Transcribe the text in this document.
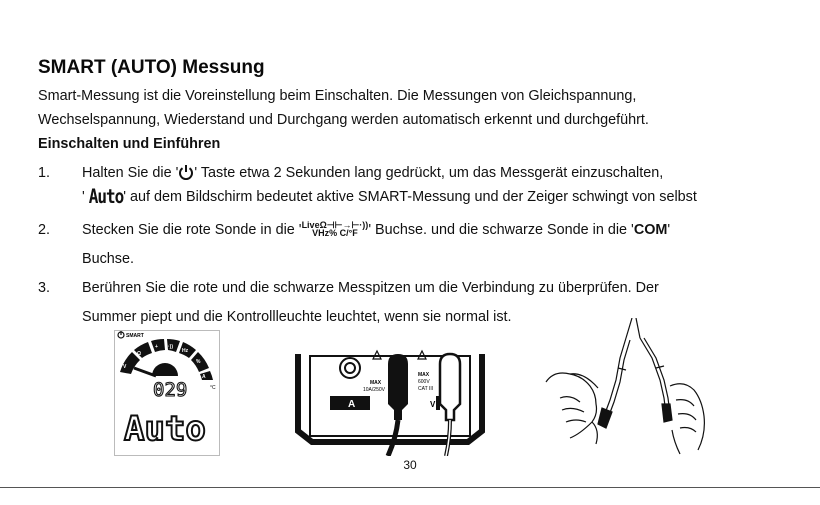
SMART (AUTO) Messung
Smart-Messung ist die Voreinstellung beim Einschalten. Die Messungen von Gleichspannung,
Wechselspannung, Wiederstand und Durchgang werden automatisch erkennt und durchgeführt.
Einschalten und Einführen
1. Halten Sie die ' ' Taste etwa 2 Sekunden lang gedrückt, um das Messgerät einzuschalten,
' Auto' auf dem Bildschirm bedeutet aktive SMART-Messung und der Zeiger schwingt von selbst
2. Stecken Sie die rote Sonde in die ' LiveΩ⊣⊢→⊢·))
VHz% C/°F ' Buchse. und die schwarze Sonde in die 'COM'
Buchse.
3. Berühren Sie die rote und die schwarze Messpitzen um die Verbindung zu überprüfen. Der
Summer piept und die Kontrollleuchte leuchtet, wenn sie normal ist.
SMART
V
Ω
+ ·))
Hz
%
A
029	°C
Auto
A
MAX
10A/250V
MAX
600V
CAT III
V
30
